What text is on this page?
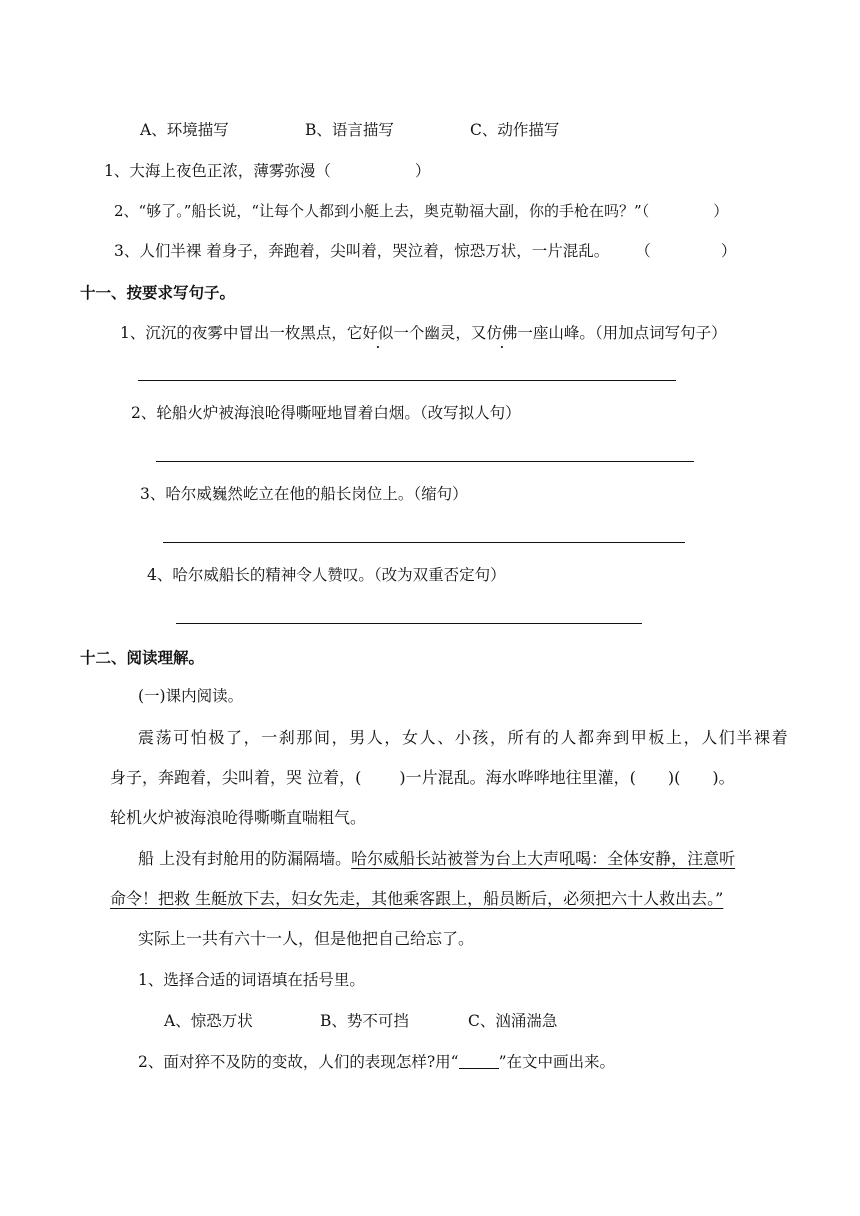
A、环境描写	B、语言描写	C、动作描写
1、大海上夜色正浓，薄雾弥漫（	）
2、“够了。”船长说，“让每个人都到小艇上去，奥克勒福大副，你的手枪在吗？”（	）
3、人们半裸 着身子，奔跑着，尖叫着，哭泣着，惊恐万状，一片混乱。 （	）
十一、按要求写句子。
1、沉沉的夜雾中冒出一枚黑点，它好似一个幽灵，又仿佛一座山峰。（用加点词写句子）
2、轮船火炉被海浪呛得嘶哑地冒着白烟。（改写拟人句）
3、哈尔威巍然屹立在他的船长岗位上。（缩句）
4、哈尔威船长的精神令人赞叹。（改为双重否定句）
十二、阅读理解。
(一)课内阅读。
震荡可怕极了，一刹那间，男人，女人、小孩，所有的人都奔到甲板上，人们半裸着
身子，奔跑着，尖叫着，哭 泣着，( )一片混乱。海水哗哗地往里灌，( )( )。
轮机火炉被海浪呛得嘶嘶直喘粗气。
船 上没有封舱用的防漏隔墙。哈尔威船长站被誉为台上大声吼喝：全体安静，注意听
命令！把救 生艇放下去，妇女先走，其他乘客跟上，船员断后，必须把六十人救出去。”
实际上一共有六十一人，但是他把自己给忘了。
1、选择合适的词语填在括号里。
A、惊恐万状	B、势不可挡	C、汹涌湍急
2、面对猝不及防的变故，人们的表现怎样?用“	”在文中画出来。
